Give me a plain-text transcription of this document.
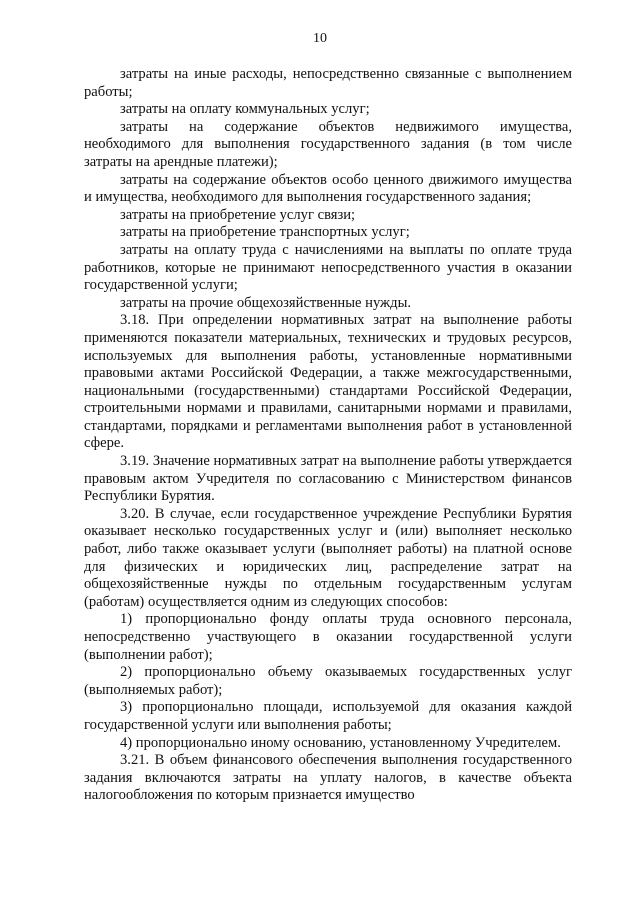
10

затраты на иные расходы, непосредственно связанные с выполнением работы;

затраты на оплату коммунальных услуг;

затраты на содержание объектов недвижимого имущества, необходимого для выполнения государственного задания (в том числе затраты на арендные платежи);

затраты на содержание объектов особо ценного движимого имущества и имущества, необходимого для выполнения государственного задания;

затраты на приобретение услуг связи;

затраты на приобретение транспортных услуг;

затраты на оплату труда с начислениями на выплаты по оплате труда работников, которые не принимают непосредственного участия в оказании государственной услуги;

затраты на прочие общехозяйственные нужды.

3.18. При определении нормативных затрат на выполнение работы применяются показатели материальных, технических и трудовых ресурсов, используемых для выполнения работы, установленные нормативными правовыми актами Российской Федерации, а также межгосударственными, национальными (государственными) стандартами Российской Федерации, строительными нормами и правилами, санитарными нормами и правилами, стандартами, порядками и регламентами выполнения работ в установленной сфере.

3.19. Значение нормативных затрат на выполнение работы утверждается правовым актом Учредителя по согласованию с Министерством финансов Республики Бурятия.

3.20. В случае, если государственное учреждение Республики Бурятия оказывает несколько государственных услуг и (или) выполняет несколько работ, либо также оказывает услуги (выполняет работы) на платной основе для физических и юридических лиц, распределение затрат на общехозяйственные нужды по отдельным государственным услугам (работам) осуществляется одним из следующих способов:

1) пропорционально фонду оплаты труда основного персонала, непосредственно участвующего в оказании государственной услуги (выполнении работ);

2) пропорционально объему оказываемых государственных услуг (выполняемых работ);

3) пропорционально площади, используемой для оказания каждой государственной услуги или выполнения работы;

4) пропорционально иному основанию, установленному Учредителем.

3.21. В объем финансового обеспечения выполнения государственного задания включаются затраты на уплату налогов, в качестве объекта налогообложения по которым признается имущество
